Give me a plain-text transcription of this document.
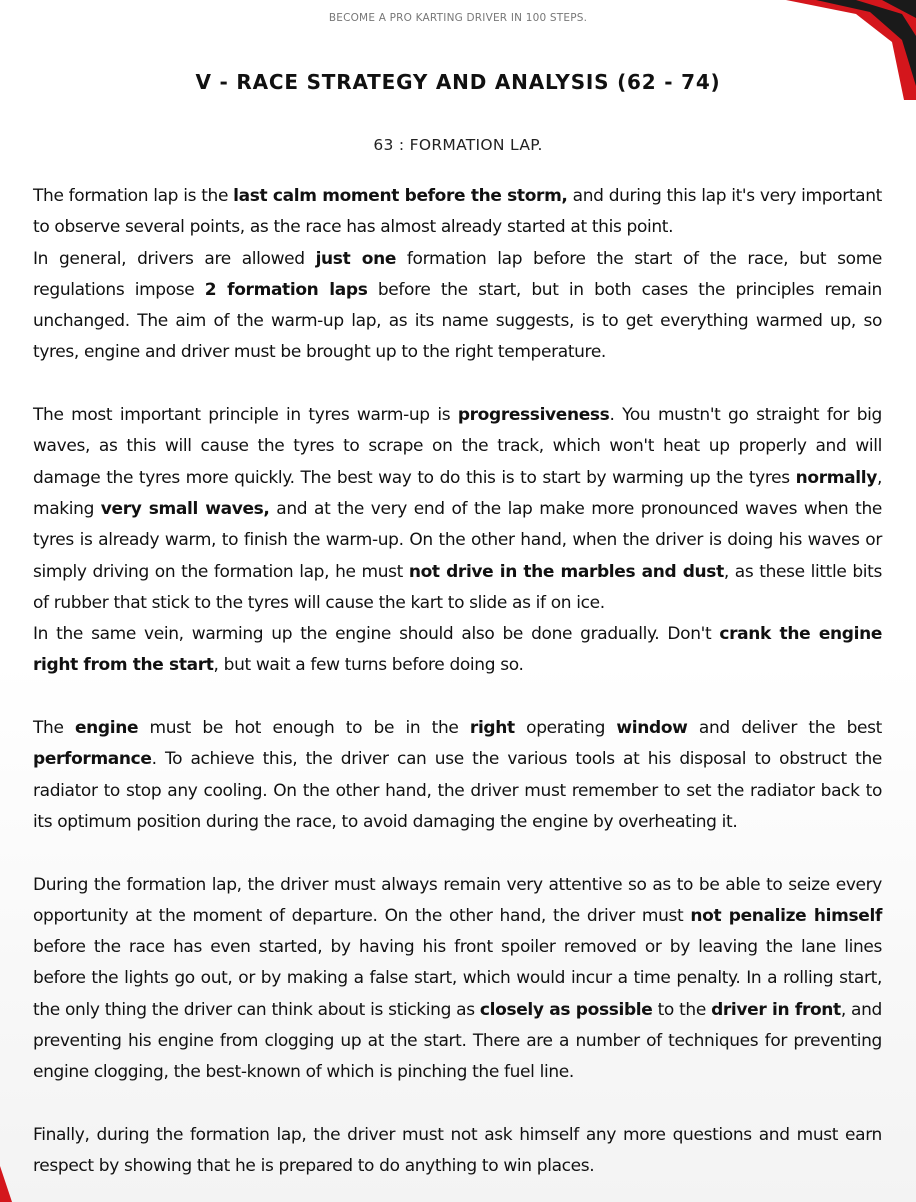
BECOME A PRO KARTING DRIVER IN 100 STEPS.
V - RACE STRATEGY AND ANALYSIS (62 - 74)
63 : FORMATION LAP.

The formation lap is the last calm moment before the storm, and during this lap it's very important to observe several points, as the race has almost already started at this point.

In general, drivers are allowed just one formation lap before the start of the race, but some regulations impose 2 formation laps before the start, but in both cases the principles remain unchanged. The aim of the warm-up lap, as its name suggests, is to get everything warmed up, so tyres, engine and driver must be brought up to the right temperature.

The most important principle in tyres warm-up is progressiveness. You mustn't go straight for big waves, as this will cause the tyres to scrape on the track, which won't heat up properly and will damage the tyres more quickly. The best way to do this is to start by warming up the tyres normally, making very small waves, and at the very end of the lap make more pronounced waves when the tyres is already warm, to finish the warm-up. On the other hand, when the driver is doing his waves or simply driving on the formation lap, he must not drive in the marbles and dust, as these little bits of rubber that stick to the tyres will cause the kart to slide as if on ice.

In the same vein, warming up the engine should also be done gradually. Don't crank the engine right from the start, but wait a few turns before doing so.

The engine must be hot enough to be in the right operating window and deliver the best performance. To achieve this, the driver can use the various tools at his disposal to obstruct the radiator to stop any cooling. On the other hand, the driver must remember to set the radiator back to its optimum position during the race, to avoid damaging the engine by overheating it.

During the formation lap, the driver must always remain very attentive so as to be able to seize every opportunity at the moment of departure. On the other hand, the driver must not penalize himself before the race has even started, by having his front spoiler removed or by leaving the lane lines before the lights go out, or by making a false start, which would incur a time penalty. In a rolling start, the only thing the driver can think about is sticking as closely as possible to the driver in front, and preventing his engine from clogging up at the start. There are a number of techniques for preventing engine clogging, the best-known of which is pinching the fuel line.

Finally, during the formation lap, the driver must not ask himself any more questions and must earn respect by showing that he is prepared to do anything to win places.
